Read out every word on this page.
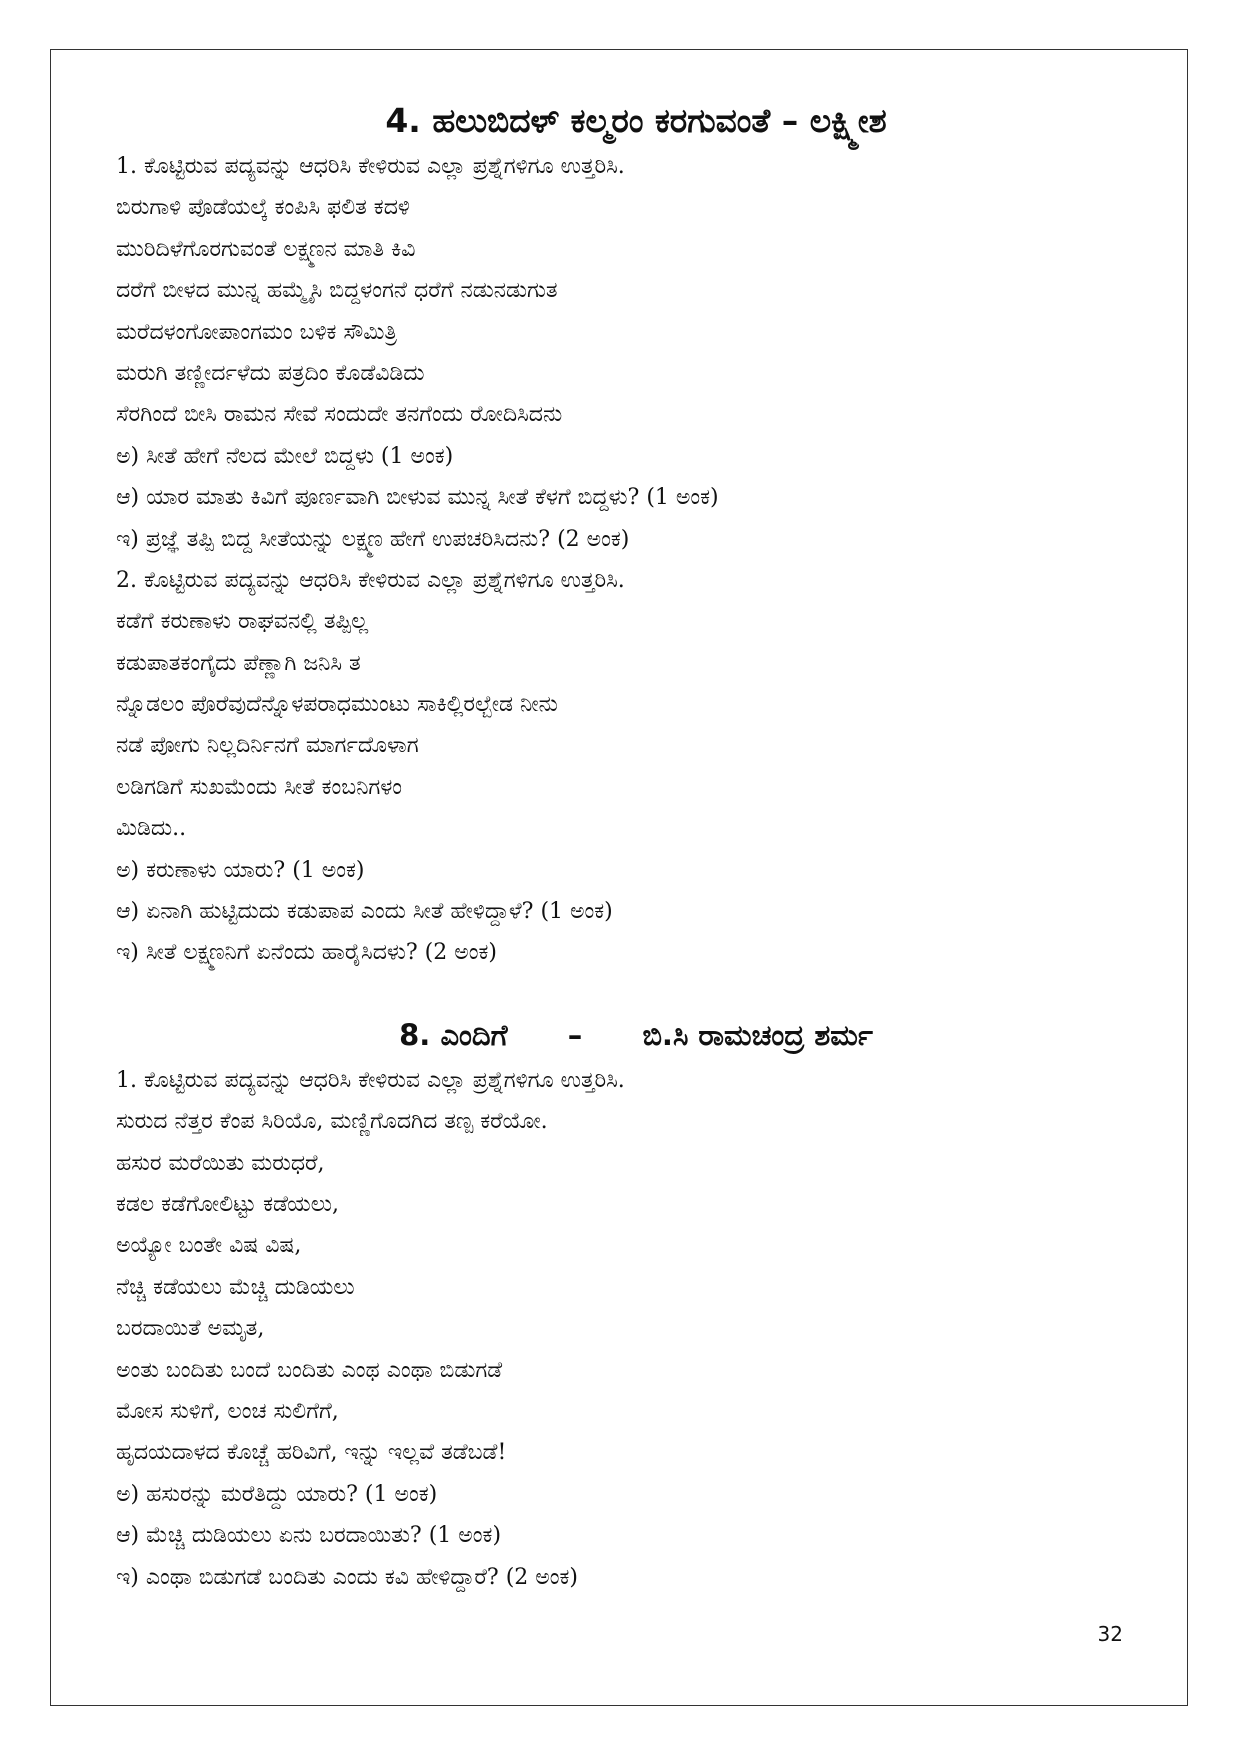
4. ಹಲುಬಿದಳ್ ಕಲ್ಮರಂ ಕರಗುವಂತೆ – ಲಕ್ಷ್ಮೀಶ
1. ಕೊಟ್ಟಿರುವ ಪದ್ಯವನ್ನು ಆಧರಿಸಿ ಕೇಳಿರುವ ಎಲ್ಲಾ ಪ್ರಶ್ನೆಗಳಿಗೂ ಉತ್ತರಿಸಿ.
ಬಿರುಗಾಳಿ ಪೊಡೆಯಲ್ಕೆ ಕಂಪಿಸಿ ಫಲಿತ ಕದಳಿ
ಮುರಿದಿಳೆಗೊರಗುವಂತೆ ಲಕ್ಷ್ಮಣನ ಮಾತಿ ಕಿವಿ
ದರೆಗೆ ಬೀಳದ ಮುನ್ನ ಹಮ್ಮೈಸಿ ಬಿದ್ದಳಂಗನೆ ಧರೆಗೆ ನಡುನಡುಗುತ
ಮರೆದಳಂಗೋಪಾಂಗಮಂ ಬಳಿಕ ಸೌಮಿತ್ರಿ
ಮರುಗಿ ತಣ್ಣೀರ್ದಳೆದು ಪತ್ರದಿಂ ಕೊಡೆವಿಡಿದು
ಸೆರಗಿಂದೆ ಬೀಸಿ ರಾಮನ ಸೇವೆ ಸಂದುದೇ ತನಗೆಂದು ರೋದಿಸಿದನು
ಅ) ಸೀತೆ ಹೇಗೆ ನೆಲದ ಮೇಲೆ ಬಿದ್ದಳು (1 ಅಂಕ)
ಆ) ಯಾರ ಮಾತು ಕಿವಿಗೆ ಪೂರ್ಣವಾಗಿ ಬೀಳುವ ಮುನ್ನ ಸೀತೆ ಕೆಳಗೆ ಬಿದ್ದಳು? (1 ಅಂಕ)
ಇ) ಪ್ರಜ್ಞೆ ತಪ್ಪಿ ಬಿದ್ದ ಸೀತೆಯನ್ನು ಲಕ್ಷ್ಮಣ ಹೇಗೆ ಉಪಚರಿಸಿದನು? (2 ಅಂಕ)
2. ಕೊಟ್ಟಿರುವ ಪದ್ಯವನ್ನು ಆಧರಿಸಿ ಕೇಳಿರುವ ಎಲ್ಲಾ ಪ್ರಶ್ನೆಗಳಿಗೂ ಉತ್ತರಿಸಿ.
ಕಡೆಗೆ ಕರುಣಾಳು ರಾಘವನಲ್ಲಿ ತಪ್ಪಿಲ್ಲ
ಕಡುಪಾತಕಂಗೈದು ಪೆಣ್ಣಾಗಿ ಜನಿಸಿ ತ
ನ್ನೊಡಲಂ ಪೊರೆವುದೆನ್ನೊಳಪರಾಧಮುಂಟು ಸಾಕಿಲ್ಲಿರಲ್ಬೇಡ ನೀನು
ನಡೆ ಪೋಗು ನಿಲ್ಲದಿರ್ನಿನಗೆ ಮಾರ್ಗದೊಳಾಗ
ಲಡಿಗಡಿಗೆ ಸುಖಮೆಂದು ಸೀತೆ ಕಂಬನಿಗಳಂ
ಮಿಡಿದು..
ಅ) ಕರುಣಾಳು ಯಾರು? (1 ಅಂಕ)
ಆ) ಏನಾಗಿ ಹುಟ್ಟಿದುದು ಕಡುಪಾಪ ಎಂದು ಸೀತೆ ಹೇಳಿದ್ದಾಳೆ? (1 ಅಂಕ)
ಇ) ಸೀತೆ ಲಕ್ಷ್ಮಣನಿಗೆ ಏನೆಂದು ಹಾರೈಸಿದಳು? (2 ಅಂಕ)
8. ಎಂದಿಗೆ – ಬಿ.ಸಿ ರಾಮಚಂದ್ರ ಶರ್ಮ
1. ಕೊಟ್ಟಿರುವ ಪದ್ಯವನ್ನು ಆಧರಿಸಿ ಕೇಳಿರುವ ಎಲ್ಲಾ ಪ್ರಶ್ನೆಗಳಿಗೂ ಉತ್ತರಿಸಿ.
ಸುರುದ ನೆತ್ತರ ಕೆಂಪ ಸಿರಿಯೊ, ಮಣ್ಣಿಗೊದಗಿದ ತಣ್ಪ ಕರೆಯೋ.
ಹಸುರ ಮರೆಯಿತು ಮರುಧರೆ,
ಕಡಲ ಕಡೆಗೋಲಿಟ್ಟು ಕಡೆಯಲು,
ಅಯ್ಯೋ ಬಂತೇ ವಿಷ ವಿಷ,
ನೆಚ್ಚಿ ಕಡೆಯಲು ಮೆಚ್ಚಿ ದುಡಿಯಲು
ಬರದಾಯಿತೆ ಅಮೃತ,
ಅಂತು ಬಂದಿತು ಬಂದೆ ಬಂದಿತು ಎಂಥ ಎಂಥಾ ಬಿಡುಗಡೆ
ಮೋಸ ಸುಳಿಗೆ, ಲಂಚ ಸುಲಿಗೆಗೆ,
ಹೃದಯದಾಳದ ಕೊಚ್ಚೆ ಹರಿವಿಗೆ, ಇನ್ನು ಇಲ್ಲವೆ ತಡೆಬಡೆ!
ಅ) ಹಸುರನ್ನು ಮರೆತಿದ್ದು ಯಾರು? (1 ಅಂಕ)
ಆ) ಮೆಚ್ಚಿ ದುಡಿಯಲು ಏನು ಬರದಾಯಿತು? (1 ಅಂಕ)
ಇ) ಎಂಥಾ ಬಿಡುಗಡೆ ಬಂದಿತು ಎಂದು ಕವಿ ಹೇಳಿದ್ದಾರೆ? (2 ಅಂಕ)
32
